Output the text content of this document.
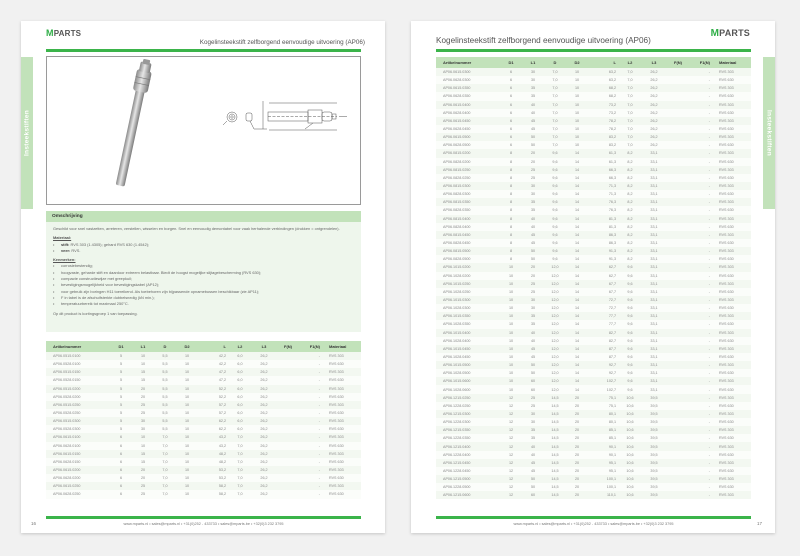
MPARTS
Kogelinsteekstift zelfborgend eenvoudige uitvoering (AP06)
Insteekstiften
Omschrijving

Geschikt voor snel vastzetten, arreteren, verstellen, wisselen en borgen. Snel en eenvoudig demontabel voor vaak herhalende verbindingen (drukken = ontgrendelen).

Materiaal:
• stift: RVS 303 (1.4305); gehard RVS 630 (1.4542);
• veer: RVS.
Kenmerken:
• corrosiebestendig;
• hoogvaste, geharde stift en daardoor extreem belastbaar. Biedt de hoogst mogelijke slijtagebescherming (RVS 630);
• compacte constructiewijze met greepkuil;
• bevestigingsmogelijkheid voor bevestigingskabel (AP12);
• voor gebruik zijn boringen H11 toereikend. Als toebehoren zijn bijpassende opnamebussen beschikbaar (zie AP11);
• F in tabel is de afschuifsterkte dubbelsnedig (kN min.);
• temperatuurbereik tot maximaal 250°C.

Op dit product is kortingsgroep 1 van toepassing.

Artikelnummer	D1	L1	D	D2	L	L2	L3	F(N)	F1(N)	Materiaal
AP06.0515.0100	5	10	5,5	10	42,2	6,0	26,2		-	RVS 303
AP06.0528.0100	5	10	5,5	10	42,2	6,0	26,2		-	RVS 630
AP06.0515.0150	5	15	5,5	10	47,2	6,0	26,2		-	RVS 303
AP06.0528.0150	5	15	5,5	10	47,2	6,0	26,2		-	RVS 630
AP06.0515.0200	5	20	5,5	10	52,2	6,0	26,2		-	RVS 303
AP06.0528.0200	5	20	5,5	10	52,2	6,0	26,2		-	RVS 630
AP06.0515.0250	5	25	5,5	10	57,2	6,0	26,2		-	RVS 303
AP06.0528.0250	5	25	5,5	10	57,2	6,0	26,2		-	RVS 630
AP06.0515.0300	5	30	5,5	10	62,2	6,0	26,2		-	RVS 303
AP06.0528.0300	5	30	5,5	10	62,2	6,0	26,2		-	RVS 630
AP06.0615.0100	6	10	7,0	10	43,2	7,0	26,2		-	RVS 303
AP06.0628.0100	6	10	7,0	10	43,2	7,0	26,2		-	RVS 630
AP06.0615.0150	6	15	7,0	10	48,2	7,0	26,2		-	RVS 303
AP06.0628.0150	6	15	7,0	10	48,2	7,0	26,2		-	RVS 630
AP06.0615.0200	6	20	7,0	10	53,2	7,0	26,2		-	RVS 303
AP06.0628.0200	6	20	7,0	10	53,2	7,0	26,2		-	RVS 630
AP06.0615.0250	6	25	7,0	10	58,2	7,0	26,2		-	RVS 303
AP06.0628.0250	6	25	7,0	10	58,2	7,0	26,2		-	RVS 630
16	www.mparts.nl • sales@mparts.nl • +31(0)252 - 433733 • sales@mparts.be • +32(0)3 232 3795
MPARTS
Kogelinsteekstift zelfborgend eenvoudige uitvoering (AP06)
Insteekstiften
Artikelnummer	D1	L1	D	D2	L	L2	L3	F(N)	F1(N)	Materiaal
AP06.0615.0300	6	30	7,0	10	63,2	7,0	26,2		-	RVS 303
AP06.0628.0300	6	30	7,0	10	63,2	7,0	26,2		-	RVS 630
AP06.0615.0350	6	35	7,0	10	68,2	7,0	26,2		-	RVS 303
AP06.0628.0350	6	35	7,0	10	68,2	7,0	26,2		-	RVS 630
AP06.0615.0400	6	40	7,0	10	73,2	7,0	26,2		-	RVS 303
AP06.0628.0400	6	40	7,0	10	73,2	7,0	26,2		-	RVS 630
AP06.0615.0450	6	45	7,0	10	78,2	7,0	26,2		-	RVS 303
AP06.0628.0450	6	45	7,0	10	78,2	7,0	26,2		-	RVS 630
AP06.0615.0500	6	50	7,0	10	83,2	7,0	26,2		-	RVS 303
AP06.0628.0500	6	50	7,0	10	83,2	7,0	26,2		-	RVS 630
AP06.0815.0200	8	20	9,6	14	61,3	8,2	33,1		-	RVS 303
AP06.0828.0200	8	20	9,6	14	61,3	8,2	33,1		-	RVS 630
AP06.0815.0250	8	25	9,6	14	66,3	8,2	33,1		-	RVS 303
AP06.0828.0250	8	25	9,6	14	66,3	8,2	33,1		-	RVS 630
AP06.0815.0300	8	30	9,6	14	71,3	8,2	33,1		-	RVS 303
AP06.0828.0300	8	30	9,6	14	71,3	8,2	33,1		-	RVS 630
AP06.0815.0350	8	35	9,6	14	76,3	8,2	33,1		-	RVS 303
AP06.0828.0350	8	35	9,6	14	76,3	8,2	33,1		-	RVS 630
AP06.0815.0400	8	40	9,6	14	81,3	8,2	33,1		-	RVS 303
AP06.0828.0400	8	40	9,6	14	81,3	8,2	33,1		-	RVS 630
AP06.0815.0450	8	45	9,6	14	86,3	8,2	33,1		-	RVS 303
AP06.0828.0450	8	45	9,6	14	86,3	8,2	33,1		-	RVS 630
AP06.0815.0500	8	50	9,6	14	91,3	8,2	33,1		-	RVS 303
AP06.0828.0500	8	50	9,6	14	91,3	8,2	33,1		-	RVS 630
AP06.1015.0200	10	20	12,0	14	62,7	9,6	33,1		-	RVS 303
AP06.1028.0200	10	20	12,0	14	62,7	9,6	33,1		-	RVS 630
AP06.1015.0250	10	25	12,0	14	67,7	9,6	33,1		-	RVS 303
AP06.1028.0250	10	25	12,0	14	67,7	9,6	33,1		-	RVS 630
AP06.1015.0300	10	30	12,0	14	72,7	9,6	33,1		-	RVS 303
AP06.1028.0300	10	30	12,0	14	72,7	9,6	33,1		-	RVS 630
AP06.1015.0350	10	35	12,0	14	77,7	9,6	33,1		-	RVS 303
AP06.1028.0350	10	35	12,0	14	77,7	9,6	33,1		-	RVS 630
AP06.1015.0400	10	40	12,0	14	82,7	9,6	33,1		-	RVS 303
AP06.1028.0400	10	40	12,0	14	82,7	9,6	33,1		-	RVS 630
AP06.1015.0450	10	45	12,0	14	87,7	9,6	33,1		-	RVS 303
AP06.1028.0450	10	45	12,0	14	87,7	9,6	33,1		-	RVS 630
AP06.1015.0500	10	50	12,0	14	92,7	9,6	33,1		-	RVS 303
AP06.1028.0500	10	50	12,0	14	92,7	9,6	33,1		-	RVS 630
AP06.1015.0600	10	60	12,0	14	102,7	9,6	33,1		-	RVS 303
AP06.1028.0600	10	60	12,0	14	102,7	9,6	33,1		-	RVS 630
AP06.1215.0250	12	25	14,5	20	75,1	10,6	39,5		-	RVS 303
AP06.1228.0250	12	25	14,5	20	75,1	10,6	39,5		-	RVS 630
AP06.1215.0300	12	30	14,5	20	80,1	10,6	39,5		-	RVS 303
AP06.1228.0300	12	30	14,5	20	80,1	10,6	39,5		-	RVS 630
AP06.1215.0350	12	35	14,5	20	85,1	10,6	39,5		-	RVS 303
AP06.1228.0350	12	35	14,5	20	85,1	10,6	39,5		-	RVS 630
AP06.1215.0400	12	40	14,5	20	90,1	10,6	39,5		-	RVS 303
AP06.1228.0400	12	40	14,5	20	90,1	10,6	39,5		-	RVS 630
AP06.1215.0450	12	45	14,5	20	95,1	10,6	39,5		-	RVS 303
AP06.1228.0450	12	45	14,5	20	95,1	10,6	39,5		-	RVS 630
AP06.1215.0500	12	50	14,5	20	100,1	10,6	39,5		-	RVS 303
AP06.1228.0500	12	50	14,5	20	100,1	10,6	39,5		-	RVS 630
AP06.1215.0600	12	60	14,5	20	110,1	10,6	39,5		-	RVS 303
www.mparts.nl • sales@mparts.nl • +31(0)252 - 433733 • sales@mparts.be • +32(0)3 232 3795	17
